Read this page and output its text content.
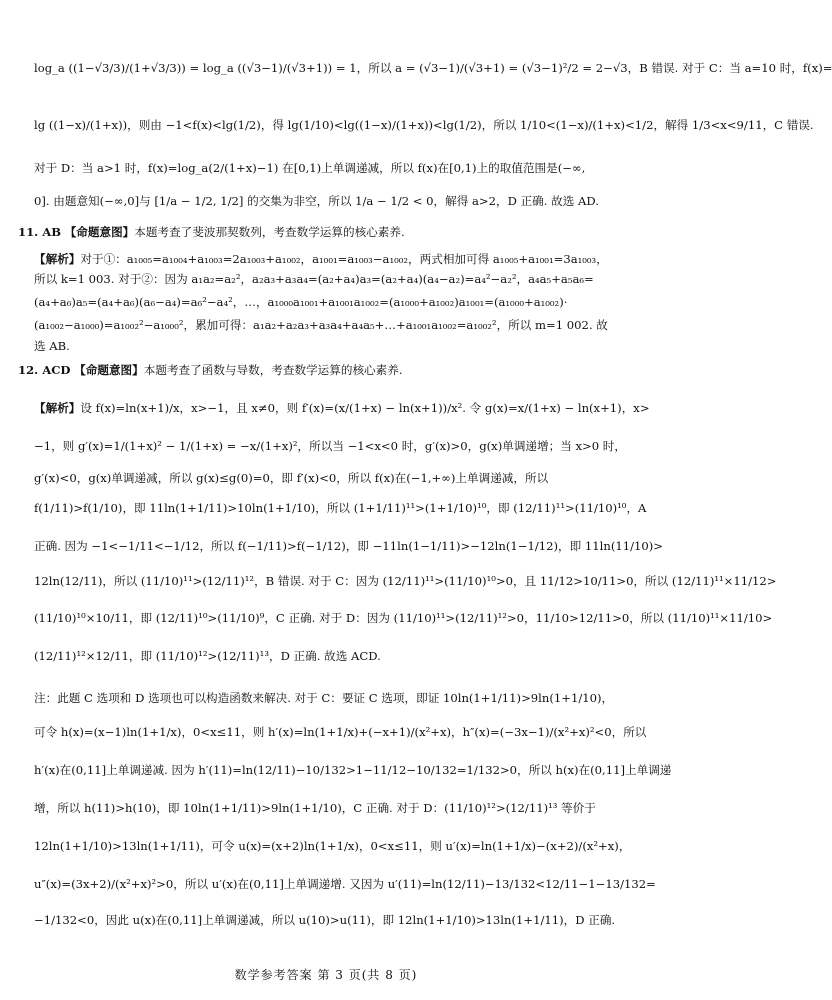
log_a ((1−√3/3)/(1+√3/3)) = log_a ((√3−1)/(√3+1)) = 1，所以 a = (√3−1)/(√3+1) = (√3−1)²/2 = 2−√3，B 错误. 对于 C：当 a=10 时，f(x)=
lg ((1−x)/(1+x))，则由 −1<f(x)<lg(1/2)，得 lg(1/10)<lg((1−x)/(1+x))<lg(1/2)，所以 1/10<(1−x)/(1+x)<1/2，解得 1/3<x<9/11，C 错误.
对于 D：当 a>1 时，f(x)=log_a(2/(1+x)−1) 在[0,1)上单调递减，所以 f(x)在[0,1)上的取值范围是(−∞,
0]. 由题意知(−∞,0]与 [1/a − 1/2, 1/2] 的交集为非空，所以 1/a − 1/2 < 0，解得 a>2，D 正确. 故选 AD.
11. AB 【命题意图】本题考查了斐波那契数列，考查数学运算的核心素养.
【解析】对于①：a₁₀₀₅=a₁₀₀₄+a₁₀₀₃=2a₁₀₀₃+a₁₀₀₂，a₁₀₀₁=a₁₀₀₃−a₁₀₀₂，两式相加可得 a₁₀₀₅+a₁₀₀₁=3a₁₀₀₃，
所以 k=1 003. 对于②：因为 a₁a₂=a₂²，a₂a₃+a₃a₄=(a₂+a₄)a₃=(a₂+a₄)(a₄−a₂)=a₄²−a₂²，a₄a₅+a₅a₆=
(a₄+a₆)a₅=(a₄+a₆)(a₆−a₄)=a₆²−a₄²，…，a₁₀₀₀a₁₀₀₁+a₁₀₀₁a₁₀₀₂=(a₁₀₀₀+a₁₀₀₂)a₁₀₀₁=(a₁₀₀₀+a₁₀₀₂)·
(a₁₀₀₂−a₁₀₀₀)=a₁₀₀₂²−a₁₀₀₀²，累加可得：a₁a₂+a₂a₃+a₃a₄+a₄a₅+…+a₁₀₀₁a₁₀₀₂=a₁₀₀₂²，所以 m=1 002. 故
选 AB.
12. ACD 【命题意图】本题考查了函数与导数，考查数学运算的核心素养.
【解析】设 f(x)=ln(x+1)/x，x>−1，且 x≠0，则 f′(x)=(x/(1+x) − ln(x+1))/x². 令 g(x)=x/(1+x) − ln(x+1)，x>
−1，则 g′(x)=1/(1+x)² − 1/(1+x) = −x/(1+x)²，所以当 −1<x<0 时，g′(x)>0，g(x)单调递增；当 x>0 时，
g′(x)<0，g(x)单调递减，所以 g(x)≤g(0)=0，即 f′(x)<0，所以 f(x)在(−1,+∞)上单调递减，所以
f(1/11)>f(1/10)，即 11ln(1+1/11)>10ln(1+1/10)，所以 (1+1/11)¹¹>(1+1/10)¹⁰，即 (12/11)¹¹>(11/10)¹⁰，A
正确. 因为 −1<−1/11<−1/12，所以 f(−1/11)>f(−1/12)，即 −11ln(1−1/11)>−12ln(1−1/12)，即 11ln(11/10)>
12ln(12/11)，所以 (11/10)¹¹>(12/11)¹²，B 错误. 对于 C：因为 (12/11)¹¹>(11/10)¹⁰>0，且 11/12>10/11>0，所以 (12/11)¹¹×11/12>
(11/10)¹⁰×10/11，即 (12/11)¹⁰>(11/10)⁹，C 正确. 对于 D：因为 (11/10)¹¹>(12/11)¹²>0，11/10>12/11>0，所以 (11/10)¹¹×11/10>
(12/11)¹²×12/11，即 (11/10)¹²>(12/11)¹³，D 正确. 故选 ACD.
注：此题 C 选项和 D 选项也可以构造函数来解决. 对于 C：要证 C 选项，即证 10ln(1+1/11)>9ln(1+1/10)，
可令 h(x)=(x−1)ln(1+1/x)，0<x≤11，则 h′(x)=ln(1+1/x)+(−x+1)/(x²+x)，h″(x)=(−3x−1)/(x²+x)²<0，所以
h′(x)在(0,11]上单调递减. 因为 h′(11)=ln(12/11)−10/132>1−11/12−10/132=1/132>0，所以 h(x)在(0,11]上单调递
增，所以 h(11)>h(10)，即 10ln(1+1/11)>9ln(1+1/10)，C 正确. 对于 D：(11/10)¹²>(12/11)¹³ 等价于
12ln(1+1/10)>13ln(1+1/11)，可令 u(x)=(x+2)ln(1+1/x)，0<x≤11，则 u′(x)=ln(1+1/x)−(x+2)/(x²+x)，
u″(x)=(3x+2)/(x²+x)²>0，所以 u′(x)在(0,11]上单调递增. 又因为 u′(11)=ln(12/11)−13/132<12/11−1−13/132=
−1/132<0，因此 u(x)在(0,11]上单调递减，所以 u(10)>u(11)，即 12ln(1+1/10)>13ln(1+1/11)，D 正确.
数学参考答案 第 3 页(共 8 页)
